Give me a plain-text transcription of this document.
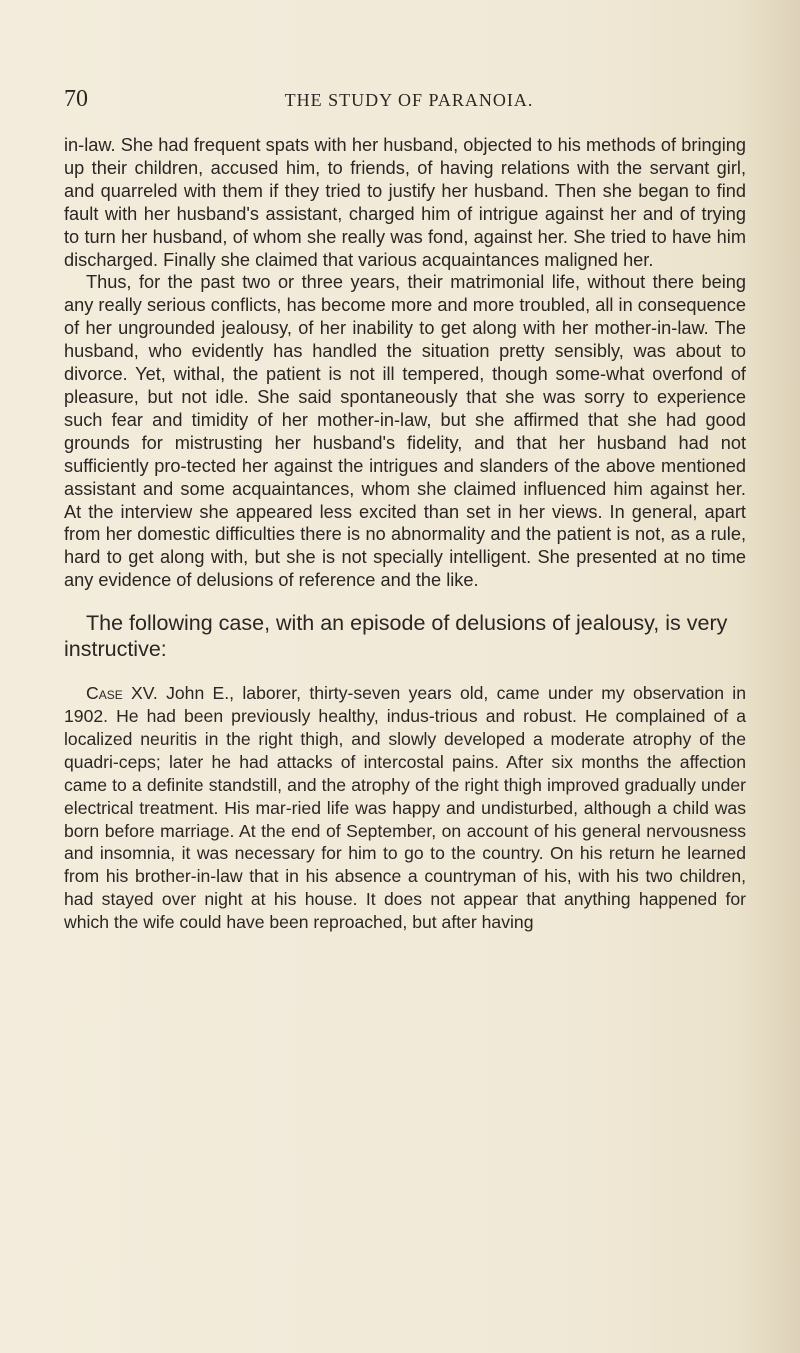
70	THE STUDY OF PARANOIA.

in-law. She had frequent spats with her husband, objected to his methods of bringing up their children, accused him, to friends, of having relations with the servant girl, and quarreled with them if they tried to justify her husband. Then she began to find fault with her husband's assistant, charged him of intrigue against her and of trying to turn her husband, of whom she really was fond, against her. She tried to have him discharged. Finally she claimed that various acquaintances maligned her.

Thus, for the past two or three years, their matrimonial life, without there being any really serious conflicts, has become more and more troubled, all in consequence of her ungrounded jealousy, of her inability to get along with her mother-in-law. The husband, who evidently has handled the situation pretty sensibly, was about to divorce. Yet, withal, the patient is not ill tempered, though some-what overfond of pleasure, but not idle. She said spontaneously that she was sorry to experience such fear and timidity of her mother-in-law, but she affirmed that she had good grounds for mistrusting her husband's fidelity, and that her husband had not sufficiently pro-tected her against the intrigues and slanders of the above mentioned assistant and some acquaintances, whom she claimed influenced him against her. At the interview she appeared less excited than set in her views. In general, apart from her domestic difficulties there is no abnormality and the patient is not, as a rule, hard to get along with, but she is not specially intelligent. She presented at no time any evidence of delusions of reference and the like.

The following case, with an episode of delusions of jealousy, is very instructive:

Case XV. John E., laborer, thirty-seven years old, came under my observation in 1902. He had been previously healthy, indus-trious and robust. He complained of a localized neuritis in the right thigh, and slowly developed a moderate atrophy of the quadri-ceps; later he had attacks of intercostal pains. After six months the affection came to a definite standstill, and the atrophy of the right thigh improved gradually under electrical treatment. His mar-ried life was happy and undisturbed, although a child was born before marriage. At the end of September, on account of his general nervousness and insomnia, it was necessary for him to go to the country. On his return he learned from his brother-in-law that in his absence a countryman of his, with his two children, had stayed over night at his house. It does not appear that anything happened for which the wife could have been reproached, but after having
